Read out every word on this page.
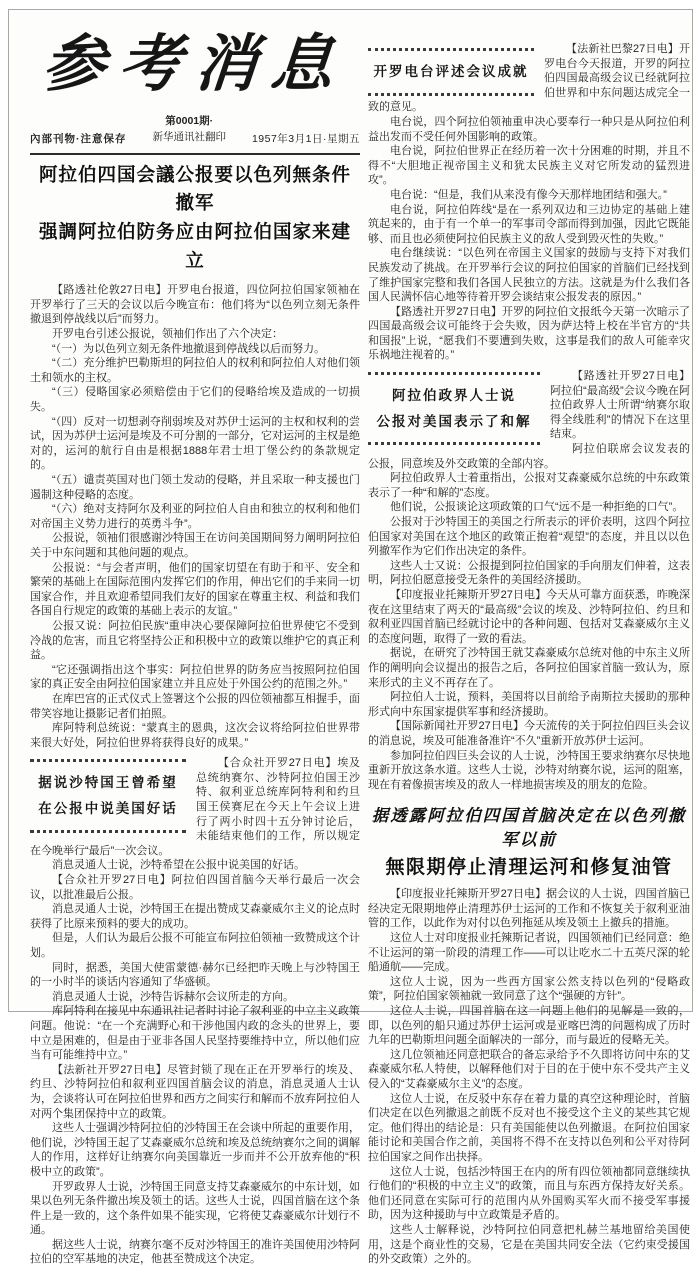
参考消息
內部刊物·注意保存
第0001期·
新华通讯社翻印 1957年3月1日·星期五
阿拉伯四国会議公报要以色列無条件撤军
强調阿拉伯防务应由阿拉伯国家来建立

【路透社伦敦27日电】开罗电台报道，四位阿拉伯国家领袖在开罗举行了三天的会议以后今晚宣布：他们将为“以色列立刻无条件撤退到停战线以后”而努力。

开罗电台引述公报说，领袖们作出了六个决定：

“（一）为以色列立刻无条件地撤退到停战线以后而努力。

“（二）充分维护巴勒斯坦的阿拉伯人的权利和阿拉伯人对他们领土和领水的主权。

“（三）侵略国家必须赔偿由于它们的侵略给埃及造成的一切损失。

“（四）反对一切想剥夺削弱埃及对苏伊士运河的主权和权利的尝试，因为苏伊士运河是埃及不可分割的一部分，它对运河的主权是绝对的，运河的航行自由是根据1888年君士坦丁堡公约的条款规定的。

“（五）谴责英国对也门领土发动的侵略，并且采取一种支援也门遏制这种侵略的态度。

“（六）绝对支持阿尔及利亚的阿拉伯人自由和独立的权利和他们对帝国主义势力进行的英勇斗争”。

公报说，领袖们很感谢沙特国王在访问美国期间努力阐明阿拉伯关于中东问题和其他问题的观点。

公报说：“与会者声明，他们的国家切望在有助于和平、安全和繁荣的基础上在国际范围内发挥它们的作用，伸出它们的手来同一切国家合作，并且欢迎希望同我们友好的国家在尊重主权、利益和我们各国自行规定的政策的基础上表示的友谊。”

公报又说：阿拉伯民族“重申决心要保障阿拉伯世界使它不受到冷战的危害，而且它将坚持公正和积极中立的政策以维护它的真正利益。

“它还强调指出这个事实：阿拉伯世界的防务应当按照阿拉伯国家的真正安全由阿拉伯国家建立并且应处于外国公约的范围之外。”

在库巴宫的正式仪式上签署这个公报的四位领袖都互相握手，面带笑容地让摄影记者们拍照。

库阿特利总统说：“蒙真主的恩典，这次会议将给阿拉伯世界带来很大好处，阿拉伯世界将获得良好的成果。”

据说沙特国王曾希望
在公报中说美国好话

【合众社开罗27日电】埃及总统纳赛尔、沙特阿拉伯国王沙特、叙利亚总统库阿特利和约旦国王侯赛尼在今天上午会议上进行了两小时四十五分钟讨论后，未能结束他们的工作，所以规定在今晚举行“最后”一次会议。

消息灵通人士说，沙特希望在公报中说美国的好话。

【合众社开罗27日电】阿拉伯四国首脑今天举行最后一次会议，以批准最后公报。

消息灵通人士说，沙特国王在提出赞成艾森豪威尔主义的论点时获得了比原来预料的要大的成功。

但是，人们认为最后公报不可能宣布阿拉伯领袖一致赞成这个计划。

同时，据悉，美国大使雷蒙德·赫尔已经把昨天晚上与沙特国王的一小时半的谈话内容通知了华盛顿。

消息灵通人士说，沙特告诉赫尔会议所走的方向。

库阿特利在接见中东通讯社记者时讨论了叙利亚的中立主义政策问题。他说：“在一个充满野心和干涉他国内政的念头的世界上，要中立是困难的，但是由于亚非各国人民坚持要维持中立，所以他们应当有可能维持中立。”

【法新社开罗27日电】尽管封锁了现在正在开罗举行的埃及、约旦、沙特阿拉伯和叙利亚四国首脑会议的消息，消息灵通人士认为，会谈将认可在阿拉伯世界和西方之间实行和解而不放弃阿拉伯人对两个集团保持中立的政策。

这些人士强调沙特阿拉伯的沙特国王在会谈中所起的重要作用，他们说，沙特国王起了艾森豪威尔总统和埃及总统纳赛尔之间的调解人的作用，这样好让纳赛尔向美国靠近一步而并不公开放弃他的“积极中立的政策”。

开罗政界人士说，沙特国王同意支持艾森豪威尔的中东计划，如果以色列无条件撤出埃及领土的话。这些人士说，四国首脑在这个条件上是一致的，这个条件如果不能实现，它将使艾森豪威尔计划行不通。

据这些人士说，纳赛尔毫不反对沙特国王的准许美国使用沙特阿拉伯的空军基地的决定，他甚至赞成这个决定。

开罗电台评述会议成就

【法新社巴黎27日电】开罗电台今天报道，开罗的阿拉伯四国最高级会议已经就阿拉伯世界和中东问题达成完全一致的意见。

电台说，四个阿拉伯领袖重申决心要奉行一种只是从阿拉伯利益出发而不受任何外国影响的政策。

电台说，阿拉伯世界正在经历着一次十分困难的时期，并且不得不“大胆地正视帝国主义和犹太民族主义对它所发动的猛烈进攻”。

电台说：“但是，我们从来没有像今天那样地团结和强大。”

电台说，阿拉伯阵线“是在一系列双边和三边协定的基础上建筑起来的，由于有一个单一的军事司令部而得到加强，因此它既能够、而且也必须使阿拉伯民族主义的敌人受到毁灭性的失败。”

电台继续说：“以色列在帝国主义国家的鼓励与支持下对我们民族发动了挑战。在开罗举行会议的阿拉伯国家的首脑们已经找到了维护国家完整和我们各国人民独立的方法。这就是为什么我们各国人民满怀信心地等待着开罗会谈结束公报发表的原因。”

【路透社开罗27日电】开罗的阿拉伯文报纸今天第一次暗示了四国最高级会议可能终于会失败，因为萨达特上校在半官方的“共和国报”上说，“愿我们不要遭到失败，这事是我们的敌人可能幸灾乐祸地注视着的。”

阿拉伯政界人士说
公报对美国表示了和解

【路透社开罗27日电】阿拉伯“最高级”会议今晚在阿拉伯政界人士所谓“纳赛尔取得全线胜利”的情况下在这里结束。

阿拉伯联席会议发表的公报，同意埃及外交政策的全部内容。

阿拉伯政界人士着重指出，公报对艾森豪威尔总统的中东政策表示了一种“和解的”态度。

他们说，公报谈论这项政策的口气“远不是一种拒绝的口气”。

公报对于沙特国王的美国之行所表示的评价表明，这四个阿拉伯国家对美国在这个地区的政策正抱着“观望”的态度，并且以以色列撤军作为它们作出决定的条件。

这些人士又说：公报提到阿拉伯国家的手向朋友们伸着，这表明，阿拉伯愿意接受无条件的美国经济援助。

【印度报业托辣斯开罗27日电】今天从可靠方面获悉，昨晚深夜在这里结束了两天的“最高级”会议的埃及、沙特阿拉伯、约旦和叙利亚四国首脑已经就讨论中的各种问题、包括对艾森豪威尔主义的态度问题，取得了一致的看法。

据说，在研究了沙特国王就艾森豪威尔总统对他的中东主义所作的阐明向会议提出的报告之后，各阿拉伯国家首脑一致认为，原来形式的主义不再存在了。

阿拉伯人士说，预料，美国将以目前给予南斯拉夫援助的那种形式向中东国家提供军事和经济援助。

【国际新闻社开罗27日电】今天流传的关于阿拉伯四巨头会议的消息说，埃及可能准备准许“不久”重新开放苏伊士运河。

参加阿拉伯四巨头会议的人士说，沙特国王要求纳赛尔尽快地重新开放这条水道。这些人士说，沙特对纳赛尔说，运河的阻塞，现在有着像损害埃及的敌人一样地损害埃及的朋友的危险。

据透露阿拉伯四国首脑决定在以色列撤军以前
無限期停止清理运河和修复油管

【印度报业托辣斯开罗27日电】据会议的人士说，四国首脑已经决定无限期地停止清理苏伊士运河的工作和不恢复关于叙利亚油管的工作，以此作为对付以色列拖延从埃及领土上撤兵的措施。

这位人士对印度报业托辣斯记者说，四国领袖们已经同意：绝不让运河的第一阶段的清理工作——可以让吃水二十五英尺深的轮船通航——完成。

这位人士说，因为一些西方国家公然支持以色列的“侵略政策”，阿拉伯国家领袖就一致同意了这个“强硬的方针”。

这位人士说，四国首脑在这一问题上他们的见解是一致的，即，以色列的船只通过苏伊士运河或是亚喀巴湾的问题构成了历时九年的巴勒斯坦问题全面解决的一部分，而与最近的侵略无关。

这几位领袖还同意把联合的备忘录给予不久即将访问中东的艾森豪威尔私人特使，以解释他们对于目的在于使中东不受共产主义侵入的“艾森豪威尔主义”的态度。

这位人士说，在反驳中东存在着力量的真空这种理论时，首脑们决定在以色列撤退之前既不反对也不接受这个主义的某些其它规定。他们得出的结论是：只有美国能使以色列撤退。在阿拉伯国家能讨论和美国合作之前，美国将不得不在支持以色列和公平对待阿拉伯国家之间作出抉择。

这位人士说，包括沙特国王在内的所有四位领袖都同意继续执行他们的“积极的中立主义”的政策，而且与东西方保持友好关系。他们还同意在实际可行的范围内从外国购买军火而不接受军事援助，因为这种援助与中立政策是矛盾的。

这些人士解释说，沙特阿拉伯同意把札赫兰基地留给美国使用，这是个商业性的交易，它是在美国共同安全法（它约束受援国的外交政策）之外的。
